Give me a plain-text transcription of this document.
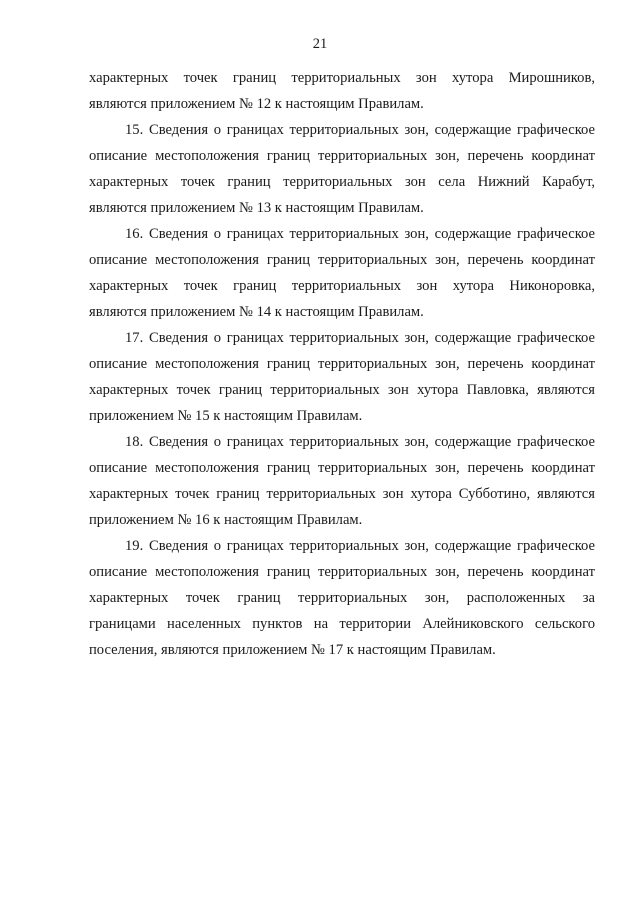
21
характерных точек границ территориальных зон хутора Мирошников,
являются приложением № 12 к настоящим Правилам.
15. Сведения о границах территориальных зон, содержащие графическое
описание местоположения границ территориальных зон, перечень координат
характерных точек границ территориальных зон села Нижний Карабут,
являются приложением № 13 к настоящим Правилам.
16. Сведения о границах территориальных зон, содержащие графическое
описание местоположения границ территориальных зон, перечень координат
характерных точек границ территориальных зон хутора Никоноровка,
являются приложением № 14 к настоящим Правилам.
17. Сведения о границах территориальных зон, содержащие графическое
описание местоположения границ территориальных зон, перечень координат
характерных точек границ территориальных зон хутора Павловка, являются
приложением № 15 к настоящим Правилам.
18. Сведения о границах территориальных зон, содержащие графическое
описание местоположения границ территориальных зон, перечень координат
характерных точек границ территориальных зон хутора Субботино, являются
приложением № 16 к настоящим Правилам.
19. Сведения о границах территориальных зон, содержащие графическое
описание местоположения границ территориальных зон, перечень координат
характерных точек границ территориальных зон, расположенных за
границами населенных пунктов на территории Алейниковского сельского
поселения, являются приложением № 17 к настоящим Правилам.
